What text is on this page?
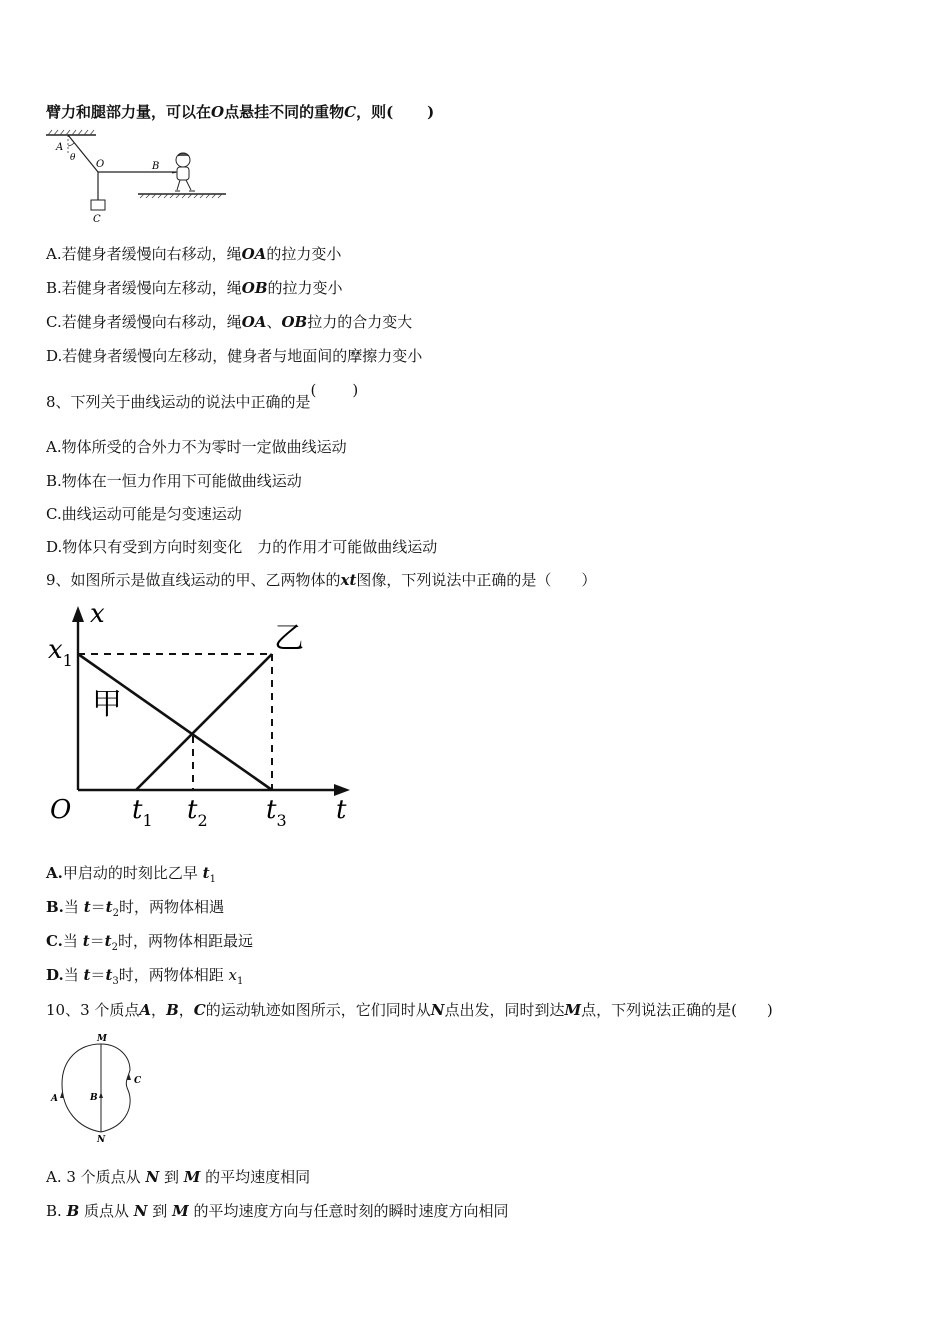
臂力和腿部力量，可以在O点悬挂不同的重物C，则( )
A
θ
O	B
C
A.若健身者缓慢向右移动，绳OA的拉力变小
B.若健身者缓慢向左移动，绳OB的拉力变小
C.若健身者缓慢向右移动，绳OA、OB拉力的合力变大
D.若健身者缓慢向左移动，健身者与地面间的摩擦力变小
8、下列关于曲线运动的说法中正确的是( )
A.物体所受的合外力不为零时一定做曲线运动
B.物体在一恒力作用下可能做曲线运动
C.曲线运动可能是匀变速运动
D.物体只有受到方向时刻变化　力的作用才可能做曲线运动
9、如图所示是做直线运动的甲、乙两物体的xt图像，下列说法中正确的是（　　）
x
t
O
$x_1$
甲
乙
$t_1$ $t_2$ $t_3$
A.甲启动的时刻比乙早 $t_1$
B.当 $t=t_2$时，两物体相遇
C.当 $t=t_2$时，两物体相距最远
D.当 $t=t_3$时，两物体相距 $x_1$
10、3 个质点A，B，C的运动轨迹如图所示，它们同时从N点出发，同时到达M点，下列说法正确的是(　　)
M
N
A	B
C
A. 3 个质点从 N 到 M 的平均速度相同
B. B 质点从 N 到 M 的平均速度方向与任意时刻的瞬时速度方向相同
